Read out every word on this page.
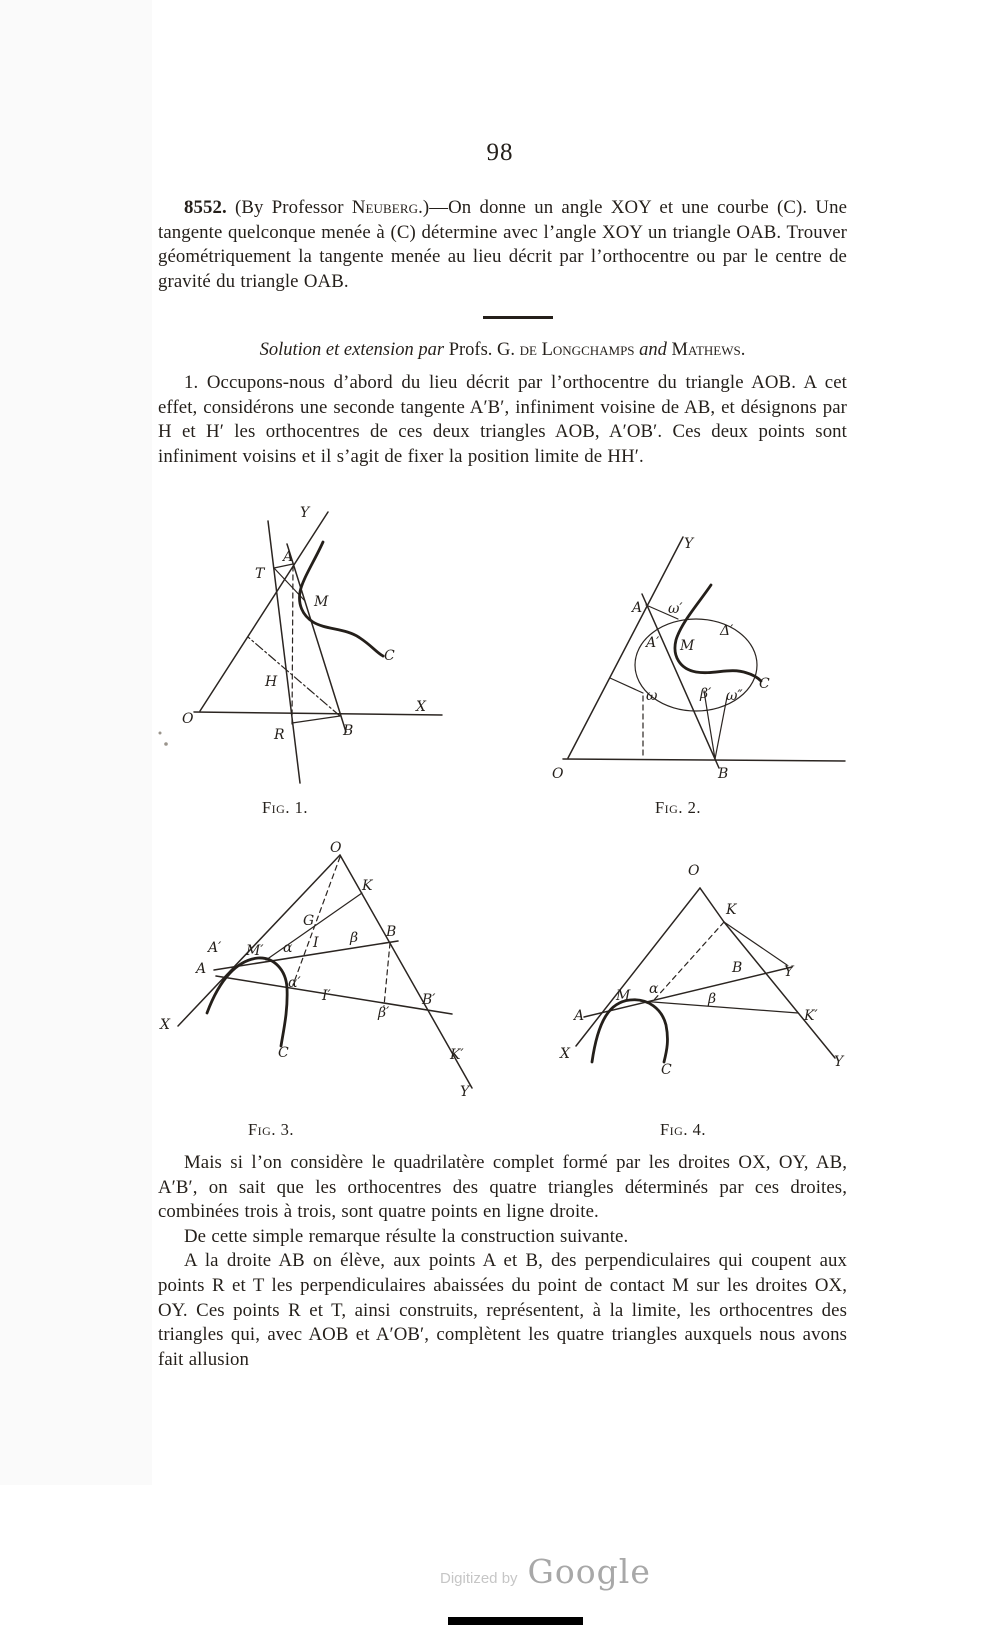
98

8552. (By Professor Neuberg.)—On donne un angle XOY et une courbe (C). Une tangente quelconque menée à (C) détermine avec l’angle XOY un triangle OAB. Trouver géométriquement la tangente menée au lieu décrit par l’orthocentre ou par le centre de gravité du triangle OAB.

Solution et extension par Profs. G. de Longchamps and Mathews.

1. Occupons-nous d’abord du lieu décrit par l’orthocentre du triangle AOB. A cet effet, considérons une seconde tangente A′B′, infiniment voisine de AB, et désignons par H et H′ les orthocentres de ces deux triangles AOB, A′OB′. Ces deux points sont infiniment voisins et il s’agit de fixer la position limite de HH′.

Y
A
T
M
C
H
O
X
R	B
Y
A ω′
Δ′
A′ M
ω	β′ ω″
C
O	B
Fig. 1.	Fig. 2.
O
K
G
A′
A
M′ α I β B
B′
K′
Y
X
α′
I′
β′
C
O
K
A
M α
β
B	Y
K′
Y
X
C
Fig. 3.	Fig. 4.

Mais si l’on considère le quadrilatère complet formé par les droites OX, OY, AB, A′B′, on sait que les orthocentres des quatre triangles déterminés par ces droites, combinées trois à trois, sont quatre points en ligne droite.

De cette simple remarque résulte la construction suivante.

A la droite AB on élève, aux points A et B, des perpendiculaires qui coupent aux points R et T les perpendiculaires abaissées du point de contact M sur les droites OX, OY. Ces points R et T, ainsi construits, représentent, à la limite, les orthocentres des triangles qui, avec AOB et A′OB′, complètent les quatre triangles auxquels nous avons fait allusion

Digitized by Google
